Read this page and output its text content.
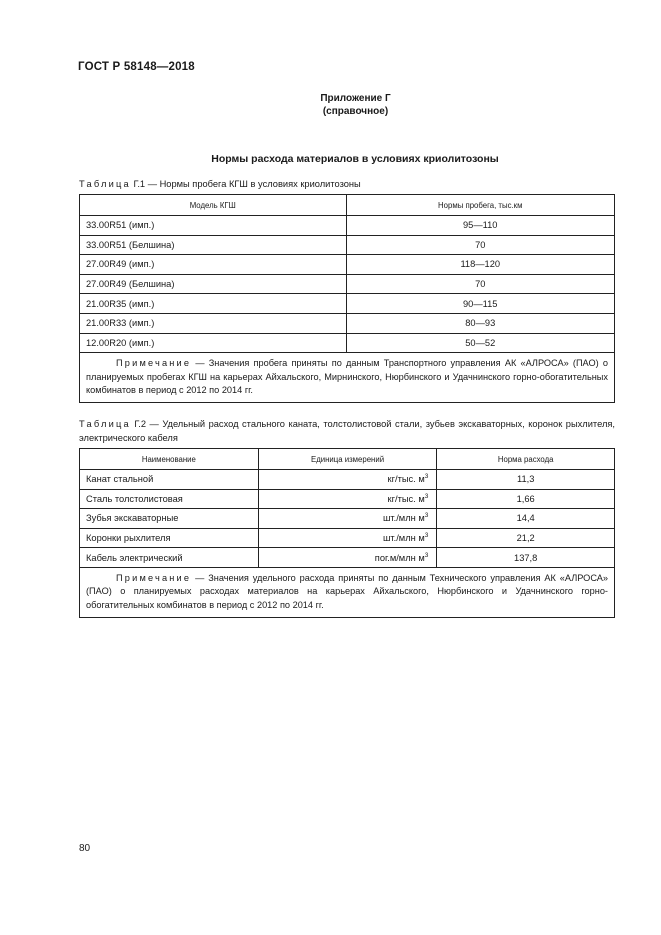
ГОСТ Р 58148—2018
Приложение Г
(справочное)
Нормы расхода материалов в условиях криолитозоны
Таблица Г.1 — Нормы пробега КГШ в условиях криолитозоны
Модель КГШ	Нормы пробега, тыс.км
33.00R51 (имп.)	95—110
33.00R51 (Белшина)	70
27.00R49 (имп.)	118—120
27.00R49 (Белшина)	70
21.00R35 (имп.)	90—115
21.00R33 (имп.)	80—93
12.00R20 (имп.)	50—52
Примечание — Значения пробега приняты по данным Транспортного управления АК «АЛРОСА» (ПАО) о планируемых пробегах КГШ на карьерах Айхальского, Мирнинского, Нюрбинского и Удачнинского горно-обогатительных комбинатов в период с 2012 по 2014 гг.	
Таблица Г.2 — Удельный расход стального каната, толстолистовой стали, зубьев экскаваторных, коронок рыхлителя, электрического кабеля
Наименование	Единица измерений	Норма расхода
Канат стальной	кг/тыс. $м^3$	11,3
Сталь толстолистовая	кг/тыс. $м^3$	1,66
Зубья экскаваторные	шт./млн $м^3$	14,4
Коронки рыхлителя	шт./млн $м^3$	21,2
Кабель электрический	пог.м/млн $м^3$	137,8
Примечание — Значения удельного расхода приняты по данным Технического управления АК «АЛРОСА» (ПАО) о планируемых расходах материалов на карьерах Айхальского, Нюрбинского и Удачнинского горно-обогатительных комбинатов в период с 2012 по 2014 гг.		
80
